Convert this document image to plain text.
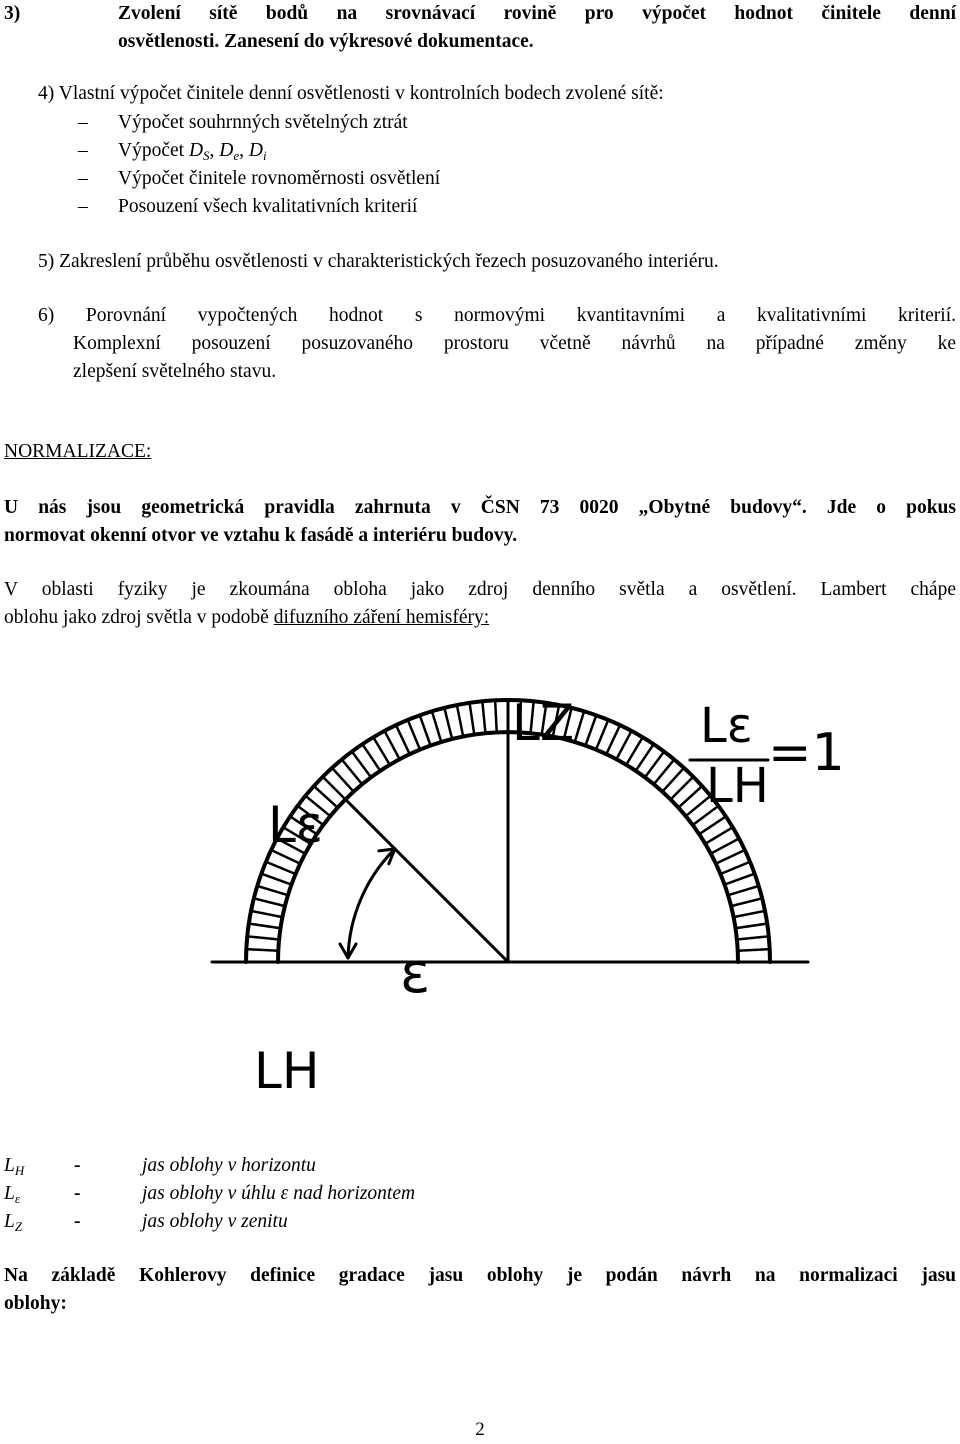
3)	Zvolení sítě bodů na srovnávací rovině pro výpočet hodnot činitele denní
osvětlenosti. Zanesení do výkresové dokumentace.
4) Vlastní výpočet činitele denní osvětlenosti v kontrolních bodech zvolené sítě:
– Výpočet souhrnných světelných ztrát
– Výpočet $D_S$, $D_e$, $D_i$
– Výpočet činitele rovnoměrnosti osvětlení
– Posouzení všech kvalitativních kriterií
5) Zakreslení průběhu osvětlenosti v charakteristických řezech posuzovaného interiéru.
6) Porovnání vypočtených hodnot s normovými kvantitavními a kvalitativními kriterií.
Komplexní posouzení posuzovaného prostoru včetně návrhů na případné změny ke
zlepšení světelného stavu.
NORMALIZACE:
U nás jsou geometrická pravidla zahrnuta v ČSN 73 0020 „Obytné budovy“. Jde o pokus
normovat okenní otvor ve vztahu k fasádě a interiéru budovy.
V oblasti fyziky je zkoumána obloha jako zdroj denního světla a osvětlení. Lambert chápe
oblohu jako zdroj světla v podobě difuzního záření hemisféry:
LZ
Lε
LH
ε
Lε
LH
=1
$L_H$	-	jas oblohy v horizontu
$L_\varepsilon$	-	jas oblohy v úhlu ε nad horizontem
$L_Z$	-	jas oblohy v zenitu
Na základě Kohlerovy definice gradace jasu oblohy je podán návrh na normalizaci jasu
oblohy:
2
